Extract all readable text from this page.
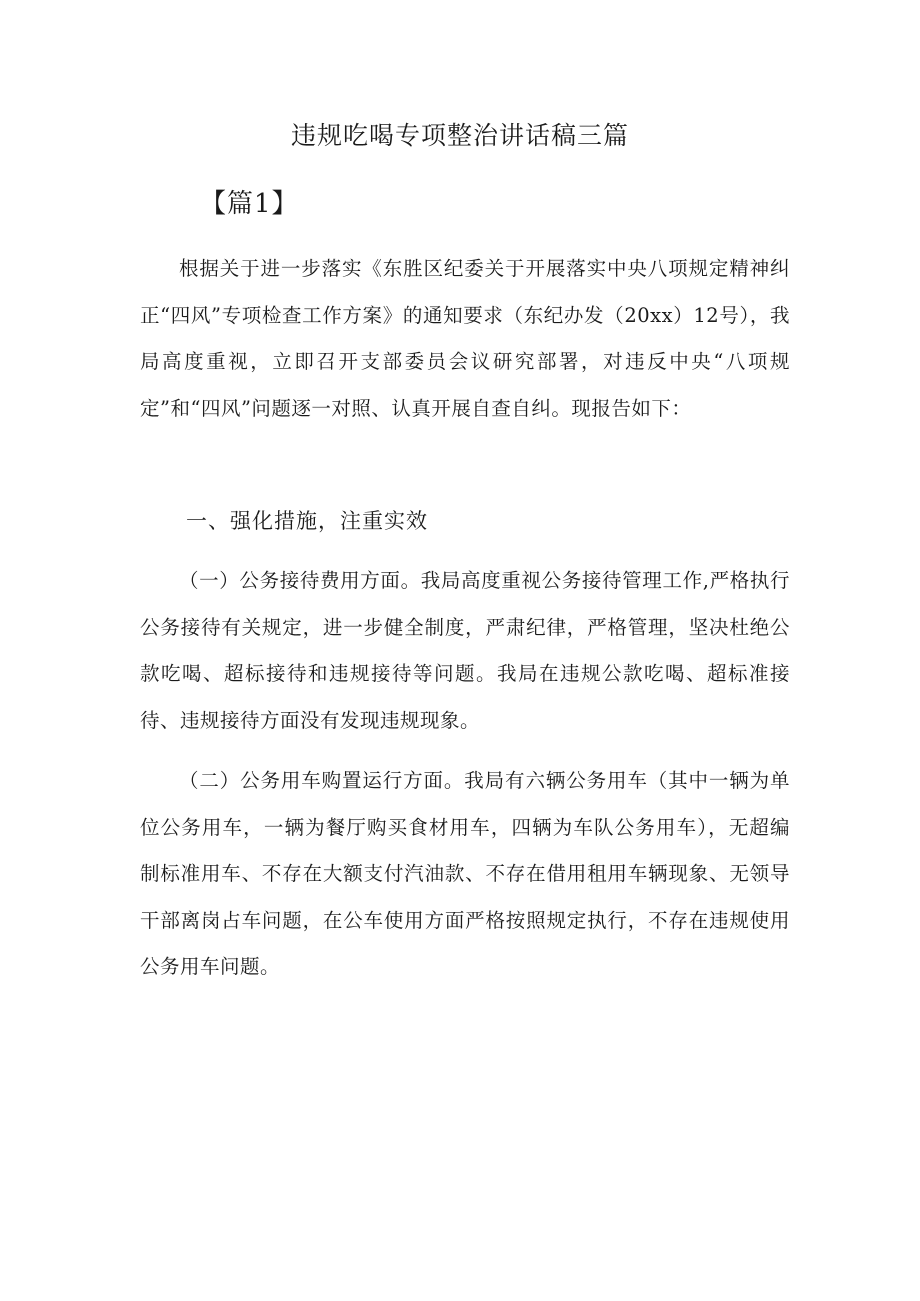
违规吃喝专项整治讲话稿三篇
【篇1】

根据关于进一步落实《东胜区纪委关于开展落实中央八项规定精神纠正“四风”专项检查工作方案》的通知要求（东纪办发（20xx）12号），我局高度重视，立即召开支部委员会议研究部署，对违反中央“八项规定”和“四风”问题逐一对照、认真开展自查自纠。现报告如下：

一、强化措施，注重实效

（一）公务接待费用方面。我局高度重视公务接待管理工作,严格执行公务接待有关规定，进一步健全制度，严肃纪律，严格管理，坚决杜绝公款吃喝、超标接待和违规接待等问题。我局在违规公款吃喝、超标准接待、违规接待方面没有发现违规现象。

（二）公务用车购置运行方面。我局有六辆公务用车（其中一辆为单位公务用车，一辆为餐厅购买食材用车，四辆为车队公务用车），无超编制标准用车、不存在大额支付汽油款、不存在借用租用车辆现象、无领导干部离岗占车问题，在公车使用方面严格按照规定执行，不存在违规使用公务用车问题。
